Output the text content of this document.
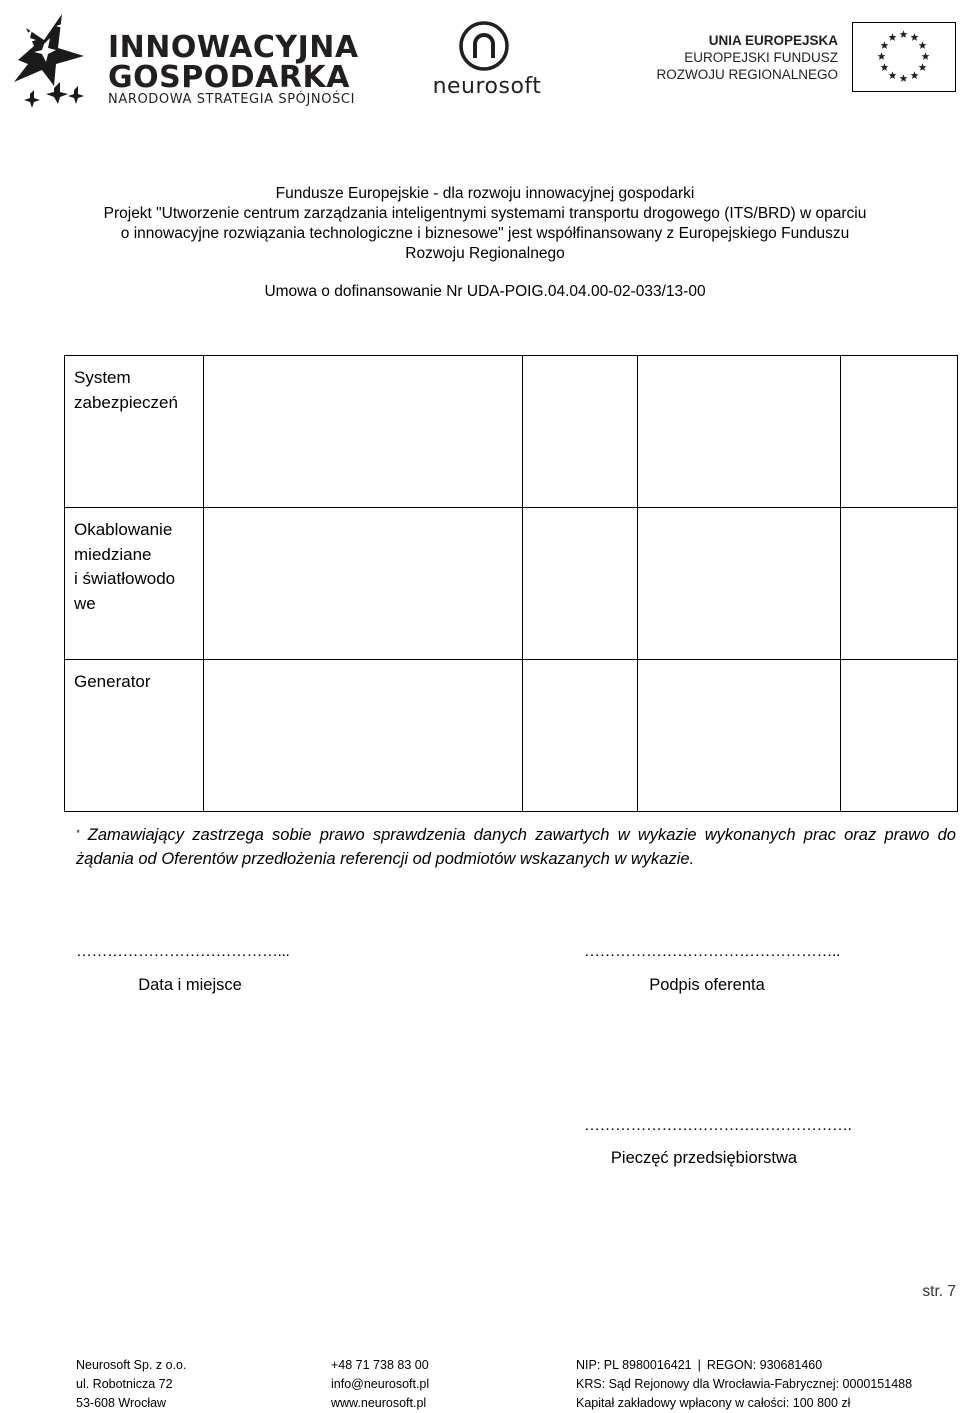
INNOWACYJNA
GOSPODARKA
NARODOWA STRATEGIA SPÓJNOŚCI
neurosoft
UNIA EUROPEJSKA
EUROPEJSKI FUNDUSZ
ROZWOJU REGIONALNEGO

Fundusze Europejskie - dla rozwoju innowacyjnej gospodarki

Projekt "Utworzenie centrum zarządzania inteligentnymi systemami transportu drogowego (ITS/BRD) w oparciu

o innowacyjne rozwiązania technologiczne i biznesowe" jest współfinansowany z Europejskiego Funduszu

Rozwoju Regionalnego

Umowa o dofinansowanie Nr UDA-POIG.04.04.00-02-033/13-00
System
zabezpieczeń				

Okablowanie
miedziane
i światłowodo
we				

Generator				

* Zamawiający zastrzega sobie prawo sprawdzenia danych zawartych w wykazie wykonanych prac oraz prawo do żądania od Oferentów przedłożenia referencji od podmiotów wskazanych w wykazie.
…………………………………...
Data i miejsce
…………………………………………..
Podpis oferenta
…………………………………………….
Pieczęć przedsiębiorstwa
str. 7
Neurosoft Sp. z o.o.
ul. Robotnicza 72
53-608 Wrocław
+48 71 738 83 00
info@neurosoft.pl
www.neurosoft.pl
NIP: PL 8980016421 | REGON: 930681460
KRS: Sąd Rejonowy dla Wrocławia-Fabrycznej: 0000151488
Kapitał zakładowy wpłacony w całości: 100 800 zł
